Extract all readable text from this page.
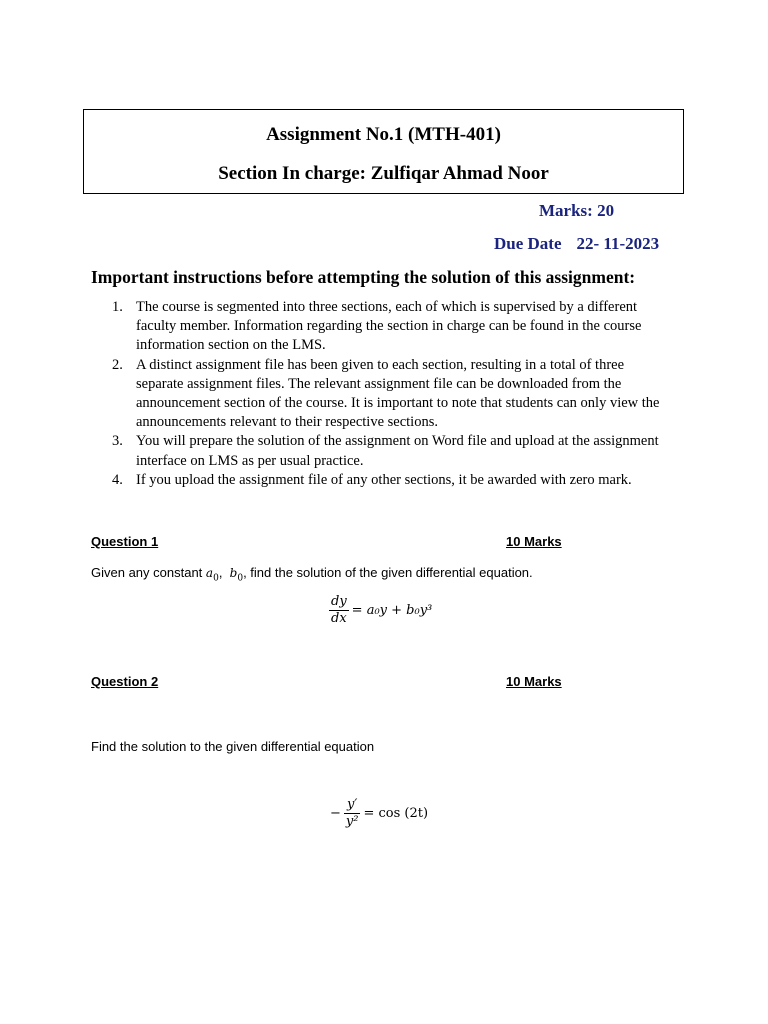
Assignment No.1 (MTH-401)
Section In charge: Zulfiqar Ahmad Noor
Marks: 20
Due Date 22- 11-2023
Important instructions before attempting the solution of this assignment:
1. The course is segmented into three sections, each of which is supervised by a different faculty member. Information regarding the section in charge can be found in the course information section on the LMS.
2. A distinct assignment file has been given to each section, resulting in a total of three separate assignment files. The relevant assignment file can be downloaded from the announcement section of the course. It is important to note that students can only view the announcements relevant to their respective sections.
3. You will prepare the solution of the assignment on Word file and upload at the assignment interface on LMS as per usual practice.
4. If you upload the assignment file of any other sections, it be awarded with zero mark.
Question 1	10 Marks
Given any constant $a_0$,  $b_0$, find the solution of the given differential equation.
$\frac{dy}{dx} = a_0y + b_0y^3$
Question 2	10 Marks
Find the solution to the given differential equation
− $\frac{y'}{\text{y²}} = \cos (2t)$
